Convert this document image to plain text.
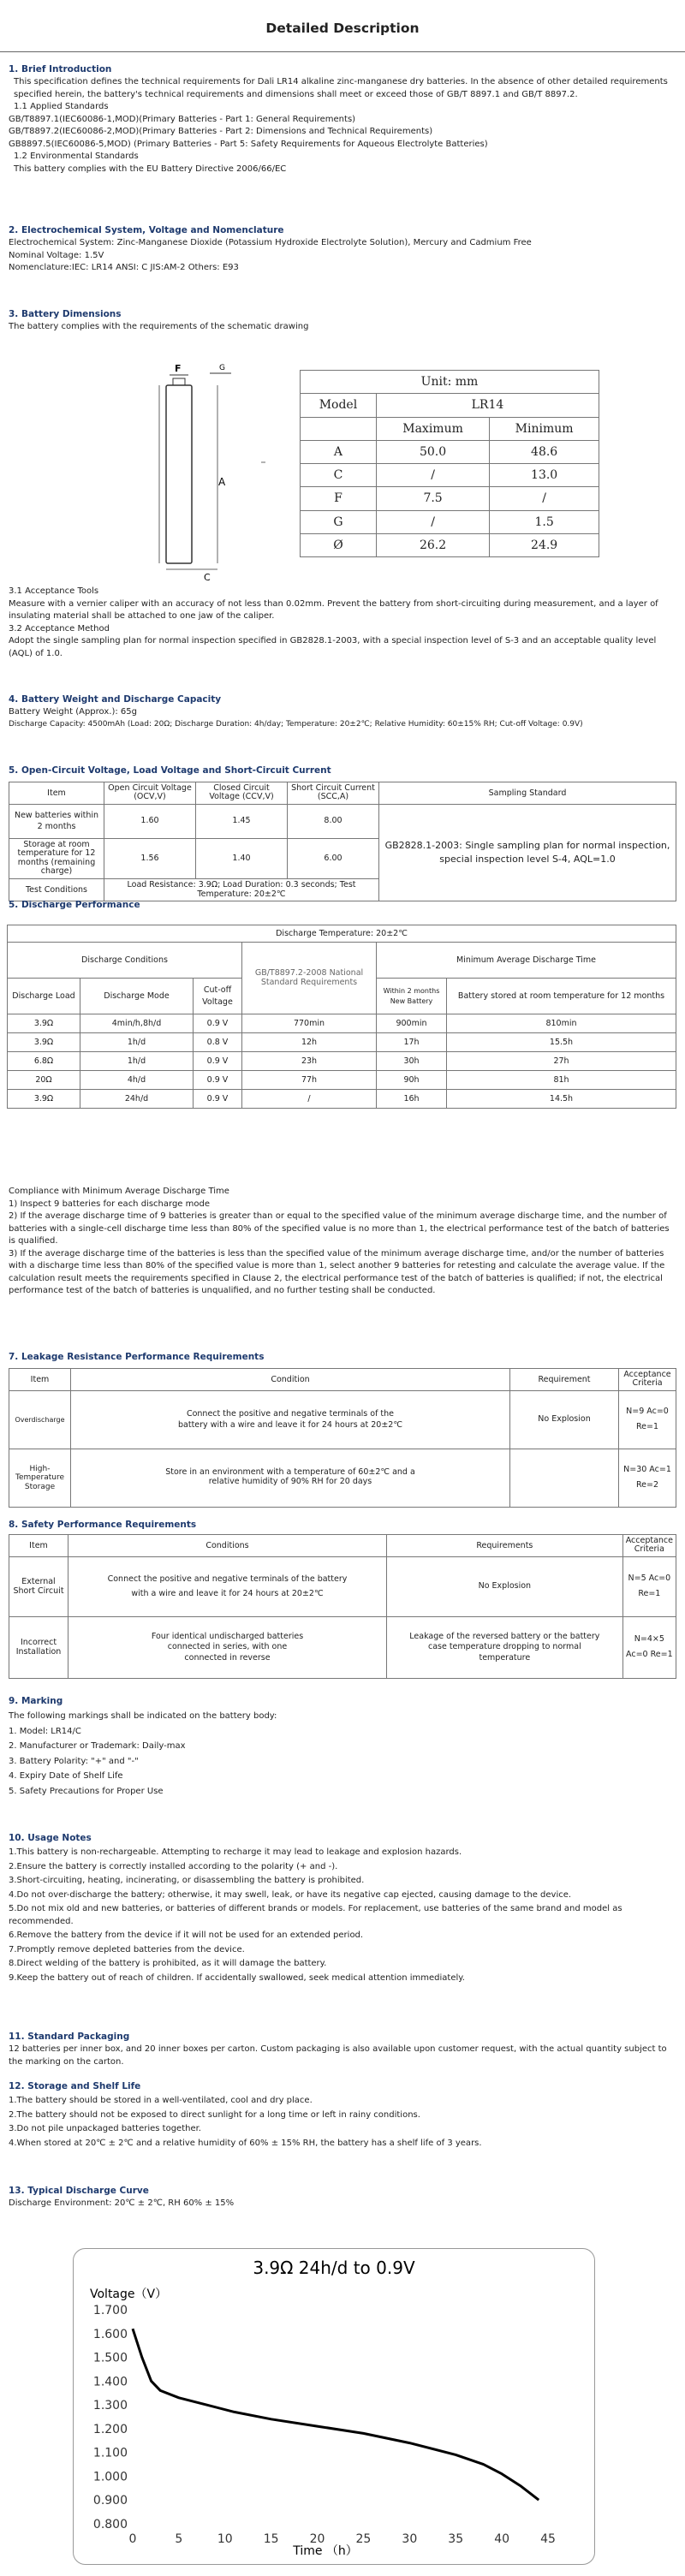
Detailed Description

1. Brief Introduction

This specification defines the technical requirements for Dali LR14 alkaline zinc-manganese dry batteries. In the absence of other detailed requirements specified herein, the battery's technical requirements and dimensions shall meet or exceed those of GB/T 8897.1 and GB/T 8897.2.

1.1 Applied Standards

GB/T8897.1(IEC60086-1,MOD)(Primary Batteries - Part 1: General Requirements)

GB/T8897.2(IEC60086-2,MOD)(Primary Batteries - Part 2: Dimensions and Technical Requirements)

GB8897.5(IEC60086-5,MOD) (Primary Batteries - Part 5: Safety Requirements for Aqueous Electrolyte Batteries)

1.2 Environmental Standards

This battery complies with the EU Battery Directive 2006/66/EC

2. Electrochemical System, Voltage and Nomenclature

Electrochemical System: Zinc-Manganese Dioxide (Potassium Hydroxide Electrolyte Solution), Mercury and Cadmium Free

Nominal Voltage: 1.5V

Nomenclature:IEC: LR14 ANSI: C JIS:AM-2 Others: E93

3. Battery Dimensions

The battery complies with the requirements of the schematic drawing

F	G
A
C
Unit: mm		
Model	LR14	
	Maximum	Minimum
A	50.0	48.6
C	/	13.0
F	7.5	/
G	/	1.5
Ø	26.2	24.9

3.1 Acceptance Tools

Measure with a vernier caliper with an accuracy of not less than 0.02mm. Prevent the battery from short-circuiting during measurement, and a layer of insulating material shall be attached to one jaw of the caliper.

3.2 Acceptance Method

Adopt the single sampling plan for normal inspection specified in GB2828.1-2003, with a special inspection level of S-3 and an acceptable quality level (AQL) of 1.0.

4. Battery Weight and Discharge Capacity

Battery Weight (Approx.): 65g

Discharge Capacity: 4500mAh (Load: 20Ω; Discharge Duration: 4h/day; Temperature: 20±2℃; Relative Humidity: 60±15% RH; Cut-off Voltage: 0.9V)

5. Open-Circuit Voltage, Load Voltage and Short-Circuit Current

Item	Open Circuit Voltage (OCV,V)	Closed Circuit Voltage (CCV,V)	Short Circuit Current (SCC,A)	Sampling Standard
New batteries within 2 months	1.60	1.45	8.00	GB2828.1-2003: Single sampling plan for normal inspection, special inspection level S-4, AQL=1.0
Storage at room temperature for 12 months (remaining charge)	1.56	1.40	6.00	
Test Conditions	Load Resistance: 3.9Ω; Load Duration: 0.3 seconds; Test Temperature: 20±2℃			

5. Discharge Performance

Discharge Temperature: 20±2℃					
Discharge Conditions			GB/T8897.2-2008 National Standard Requirements	Minimum Average Discharge Time	
Discharge Load	Discharge Mode	Cut-off Voltage		Within 2 months New Battery	Battery stored at room temperature for 12 months
3.9Ω	4min/h,8h/d	0.9 V	770min	900min	810min
3.9Ω	1h/d	0.8 V	12h	17h	15.5h
6.8Ω	1h/d	0.9 V	23h	30h	27h
20Ω	4h/d	0.9 V	77h	90h	81h
3.9Ω	24h/d	0.9 V	/	16h	14.5h

Compliance with Minimum Average Discharge Time

1) Inspect 9 batteries for each discharge mode

2) If the average discharge time of 9 batteries is greater than or equal to the specified value of the minimum average discharge time, and the number of batteries with a single-cell discharge time less than 80% of the specified value is no more than 1, the electrical performance test of the batch of batteries is qualified.

3) If the average discharge time of the batteries is less than the specified value of the minimum average discharge time, and/or the number of batteries with a discharge time less than 80% of the specified value is more than 1, select another 9 batteries for retesting and calculate the average value. If the calculation result meets the requirements specified in Clause 2, the electrical performance test of the batch of batteries is qualified; if not, the electrical performance test of the batch of batteries is unqualified, and no further testing shall be conducted.

7. Leakage Resistance Performance Requirements

Item	Condition	Requirement	Acceptance Criteria
Overdischarge	Connect the positive and negative terminals of the battery with a wire and leave it for 24 hours at 20±2℃	No Explosion	N=9 Ac=0 Re=1
High-Temperature Storage	Store in an environment with a temperature of 60±2℃ and a relative humidity of 90% RH for 20 days		N=30 Ac=1 Re=2

8. Safety Performance Requirements

Item	Conditions	Requirements	Acceptance Criteria
External Short Circuit	Connect the positive and negative terminals of the battery with a wire and leave it for 24 hours at 20±2℃	No Explosion	N=5 Ac=0 Re=1
Incorrect Installation	Four identical undischarged batteries connected in series, with one connected in reverse	Leakage of the reversed battery or the battery case temperature dropping to normal temperature	N=4×5 Ac=0 Re=1

9. Marking

The following markings shall be indicated on the battery body:

1. Model: LR14/C

2. Manufacturer or Trademark: Daily-max

3. Battery Polarity: "+" and "-"

4. Expiry Date of Shelf Life

5. Safety Precautions for Proper Use

10. Usage Notes

1.This battery is non-rechargeable. Attempting to recharge it may lead to leakage and explosion hazards.

2.Ensure the battery is correctly installed according to the polarity (+ and -).

3.Short-circuiting, heating, incinerating, or disassembling the battery is prohibited.

4.Do not over-discharge the battery; otherwise, it may swell, leak, or have its negative cap ejected, causing damage to the device.

5.Do not mix old and new batteries, or batteries of different brands or models. For replacement, use batteries of the same brand and model as recommended.

6.Remove the battery from the device if it will not be used for an extended period.

7.Promptly remove depleted batteries from the device.

8.Direct welding of the battery is prohibited, as it will damage the battery.

9.Keep the battery out of reach of children. If accidentally swallowed, seek medical attention immediately.

11. Standard Packaging

12 batteries per inner box, and 20 inner boxes per carton. Custom packaging is also available upon customer request, with the actual quantity subject to the marking on the carton.

12. Storage and Shelf Life

1.The battery should be stored in a well-ventilated, cool and dry place.

2.The battery should not be exposed to direct sunlight for a long time or left in rainy conditions.

3.Do not pile unpackaged batteries together.

4.When stored at 20℃ ± 2℃ and a relative humidity of 60% ± 15% RH, the battery has a shelf life of 3 years.

13. Typical Discharge Curve

Discharge Environment: 20℃ ± 2℃, RH 60% ± 15%

3.9Ω 24h/d to 0.9V
Voltage（V）
Time （h）
1.700
1.600
1.500
1.400
1.300
1.200
1.100
1.000
0.900
0.800
0	5	10	15	20	25	30	35	40	45
